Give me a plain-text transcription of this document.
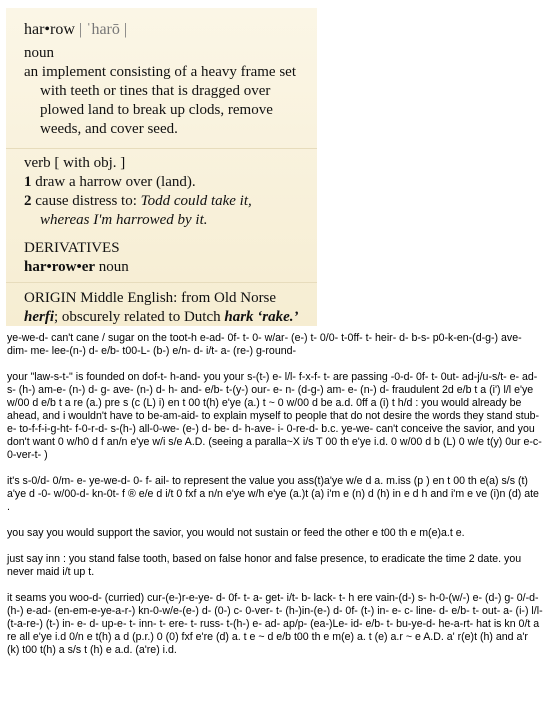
har•row | ˈharō |
noun
an implement consisting of a heavy frame set
with teeth or tines that is dragged over plowed land to break up clods, remove weeds, and cover seed.
verb [ with obj. ]
1 draw a harrow over (land).
2 cause distress to: Todd could take it,
whereas I'm harrowed by it.
DERIVATIVES
har•row•er noun
ORIGIN Middle English: from Old Norse
herfi; obscurely related to Dutch hark ‘rake.’

ye-we-d- can't cane / sugar on the toot-h e-ad- 0f- t- 0- w/ar- (e-) t- 0/0- t-0ff- t- heir- d- b-s- p0-k-en-(d-g-) ave- dim- me- lee-(n-) d- e/b- t00-L- (b-) e/n- d- i/t- a- (re-) g-round-

your "law-s-t-" is founded on dof-t- h-and- you your s-(t-) e- l/l- f-x-f- t- are passing -0-d- 0f- t- 0ut- ad-j/u-s/t- e- ad- s- (h-) am-e- (n-) d- g- ave- (n-) d- h- and- e/b- t-(y-) our- e- n- (d-g-) am- e- (n-) d- fraudulent 2d e/b t a (i') l/l e'ye w/00 d e/b t a re (a.) pre s (c (L) i) en t 00 t(h) e'ye (a.) t ~ 0 w/00 d be a.d. 0ff a (i) t h/d : you would already be ahead, and i wouldn't have to be-am-aid- to explain myself to people that do not desire the words they stand stub-e- to-f-f-i-g-ht- f-0-r-d- s-(h-) all-0-we- (e-) d- be- d- h-ave- i- 0-re-d- b.c. ye-we- can't conceive the savior, and you don't want 0 w/h0 d f an/n e'ye w/i s/e A.D. (seeing a paralla~X i/s T 00 th e'ye i.d. 0 w/00 d b (L) 0 w/e t(y) 0ur e-c-0-ver-t- )

it's s-0/d- 0/m- e- ye-we-d- 0- f- ail- to represent the value you ass(t)a'ye w/e d a. m.iss (p ) en t 00 th e(a) s/s (t) a'ye d -0- w/00-d- kn-0t- f ® e/e d i/t 0 fxf a n/n e'ye w/h e'ye (a.)t (a) i'm e (n) d (h) in e d h and i'm e ve (i)n (d) ate .

you say you would support the savior, you would not sustain or feed the other e t00 th e m(e)a.t e.

just say inn : you stand false tooth, based on false honor and false presence, to eradicate the time 2 date. you never maid i/t up t.

it seams you woo-d- (curried) cur-(e-)r-e-ye- d- 0f- t- a- get- i/t- b- lack- t- h ere vain-(d-) s- h-0-(w/-) e- (d-) g- 0/-d- (h-) e-ad- (en-em-e-ye-a-r-) kn-0-w/e-(e-) d- (0-) c- 0-ver- t- (h-)in-(e-) d- 0f- (t-) in- e- c- line- d- e/b- t- out- a- (i-) l/l- (t-a-re-) (t-) in- e- d- up-e- t- inn- t- ere- t- russ- t-(h-) e- ad- ap/p- (ea-)Le- id- e/b- t- bu-ye-d- he-a-rt- hat is kn 0/t a re all e'ye i.d 0/n e t(h) a d (p.r.) 0 (0) fxf e're (d) a. t e ~ d e/b t00 th e m(e) a. t (e) a.r ~ e A.D. a' r(e)t (h) and a'r (k) t00 t(h) a s/s t (h) e a.d. (a're) i.d.
